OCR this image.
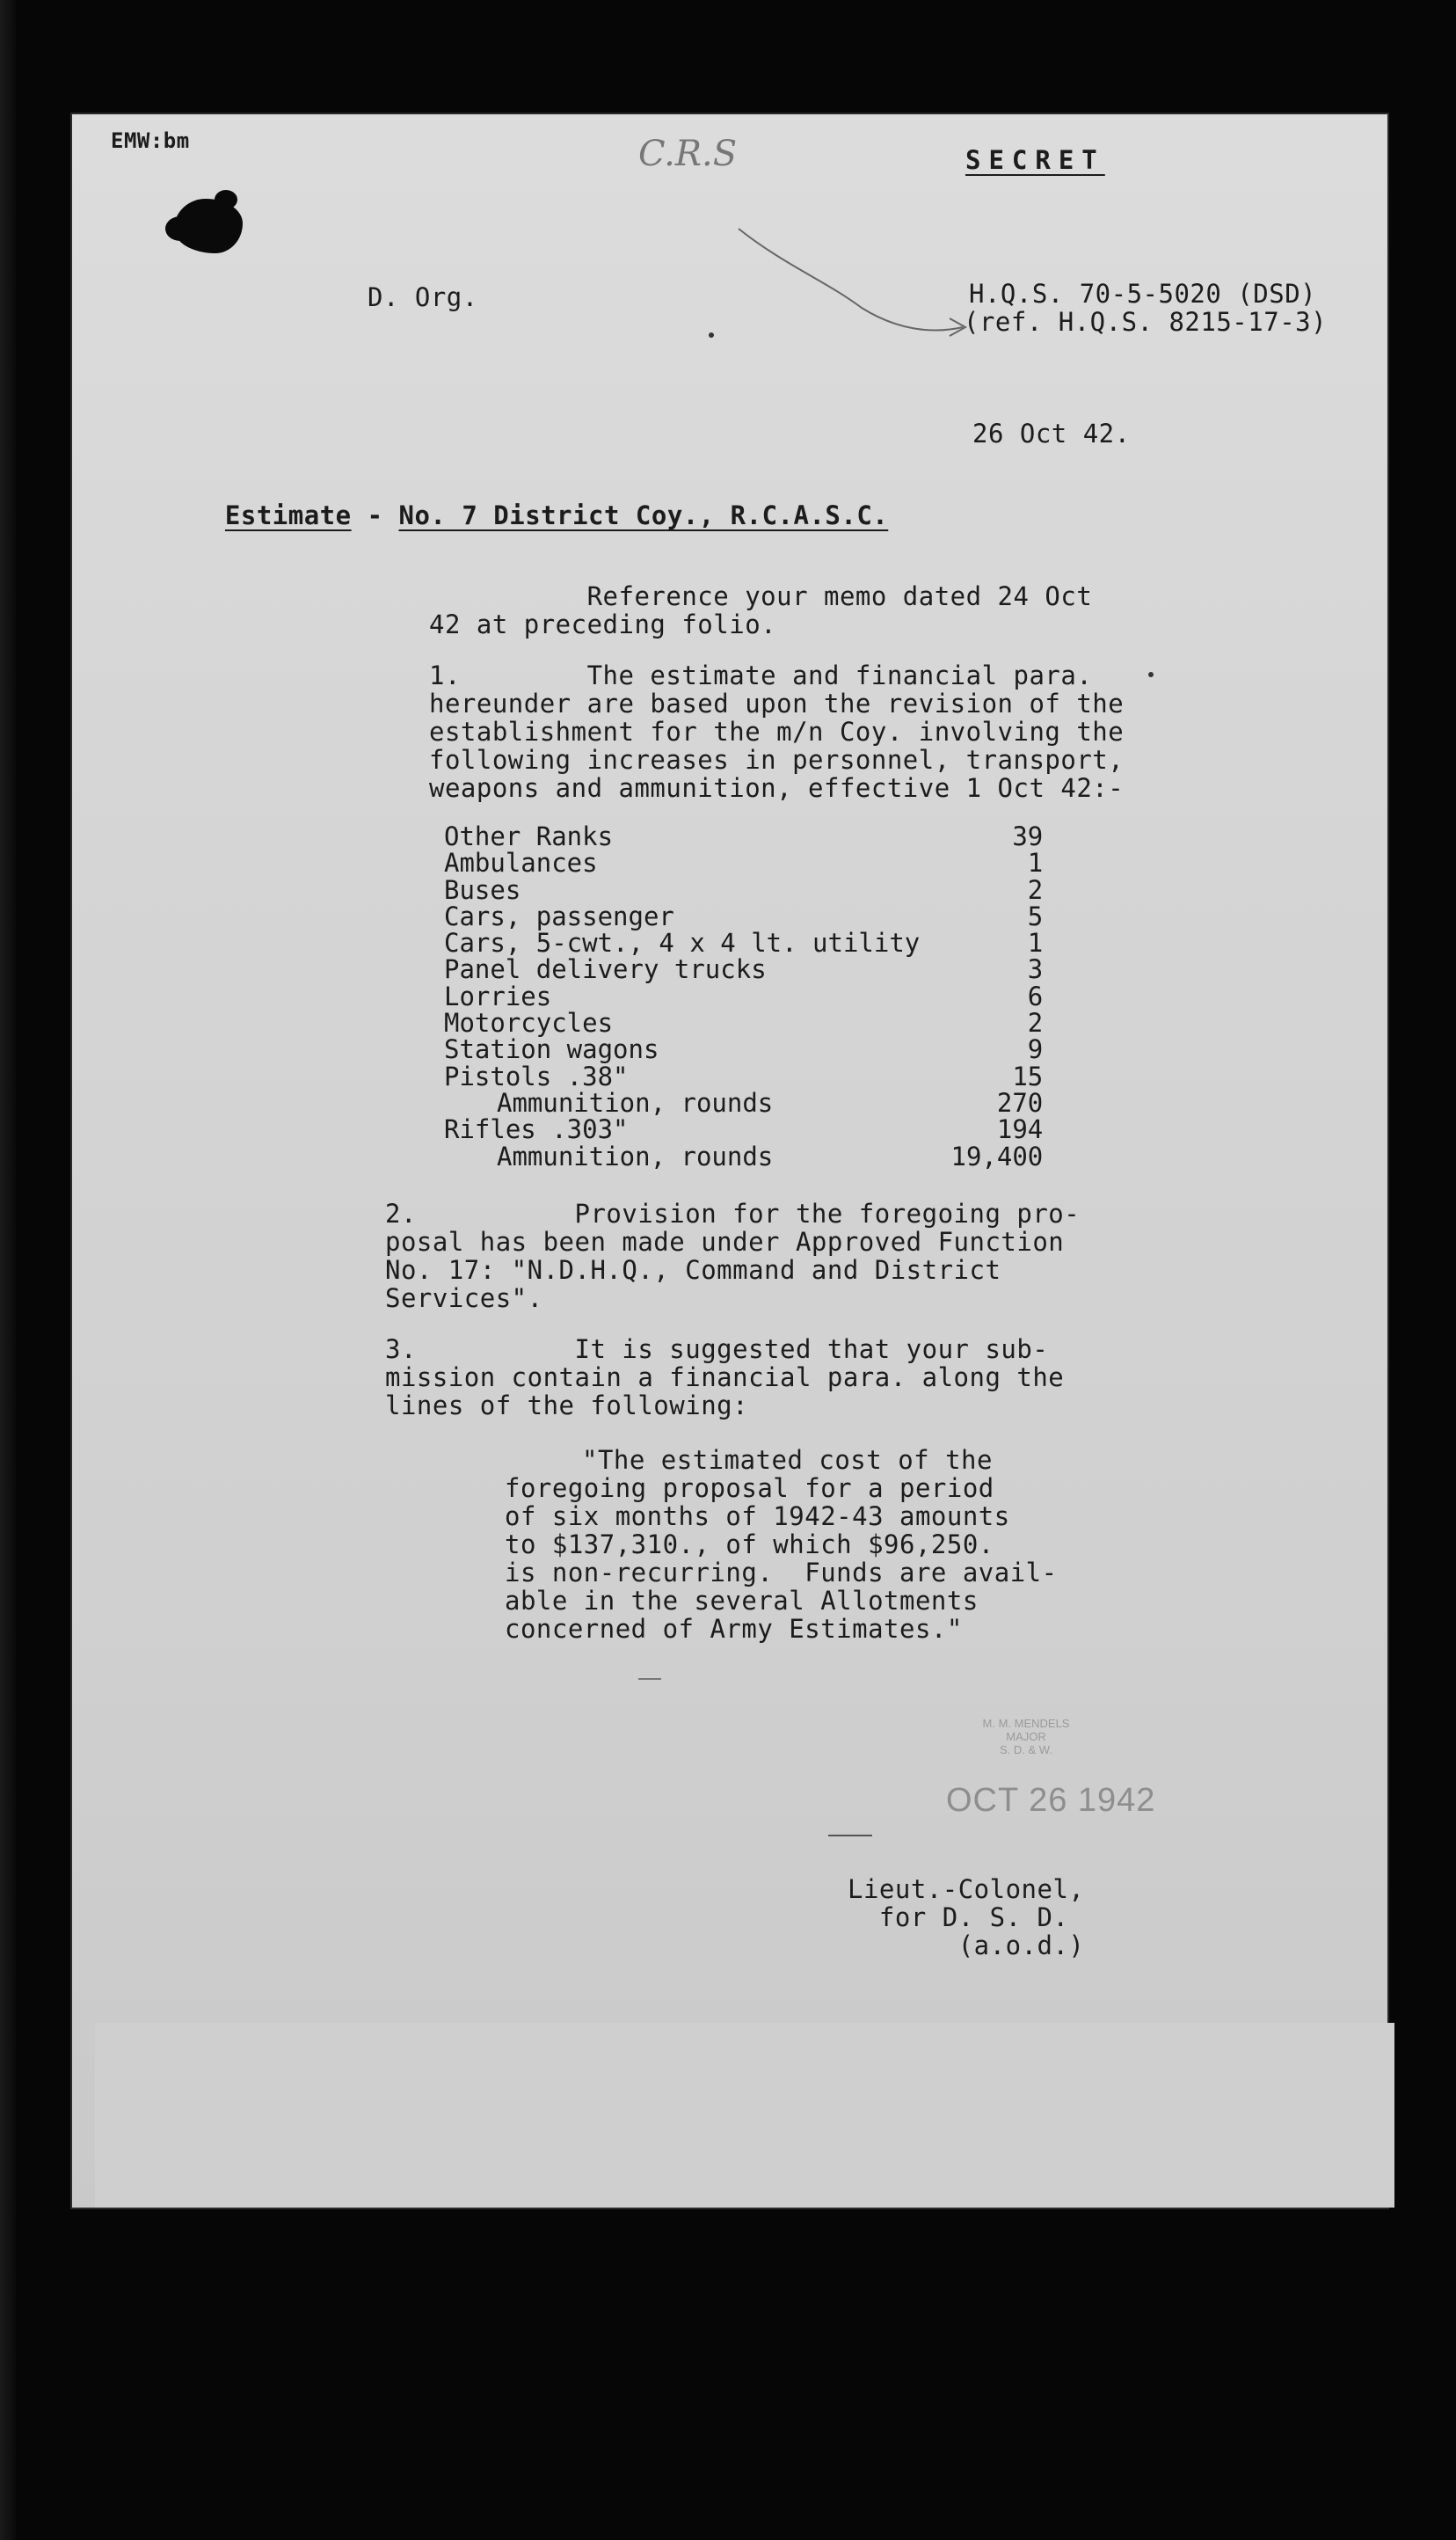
EMW:bm	C.R.S	SECRET
D. Org.	H.Q.S. 70-5-5020 (DSD)
(ref. H.Q.S. 8215-17-3)
26 Oct 42.

Estimate - No. 7 District Coy., R.C.A.S.C.

Reference your memo dated 24 Oct
42 at preceding folio.
1.        The estimate and financial para.
hereunder are based upon the revision of the
establishment for the m/n Coy. involving the
following increases in personnel, transport,
weapons and ammunition, effective 1 Oct 42:-
Other Ranks	39
Ambulances	1
Buses	2
Cars, passenger	5
Cars, 5-cwt., 4 x 4 lt. utility	1
Panel delivery trucks	3
Lorries	6
Motorcycles	2
Station wagons	9
Pistols .38"	15
Ammunition, rounds	270
Rifles .303"	194
Ammunition, rounds	19,400
2.          Provision for the foregoing pro-
posal has been made under Approved Function
No. 17: "N.D.H.Q., Command and District
Services".
3.          It is suggested that your sub-
mission contain a financial para. along the
lines of the following:
"The estimated cost of the
foregoing proposal for a period
of six months of 1942-43 amounts
to $137,310., of which $96,250.
is non-recurring.  Funds are avail-
able in the several Allotments
concerned of Army Estimates."
M. M. MENDELS
MAJOR
S. D. & W.
OCT 26 1942
Lieut.-Colonel,
for D. S. D.
(a.o.d.)
